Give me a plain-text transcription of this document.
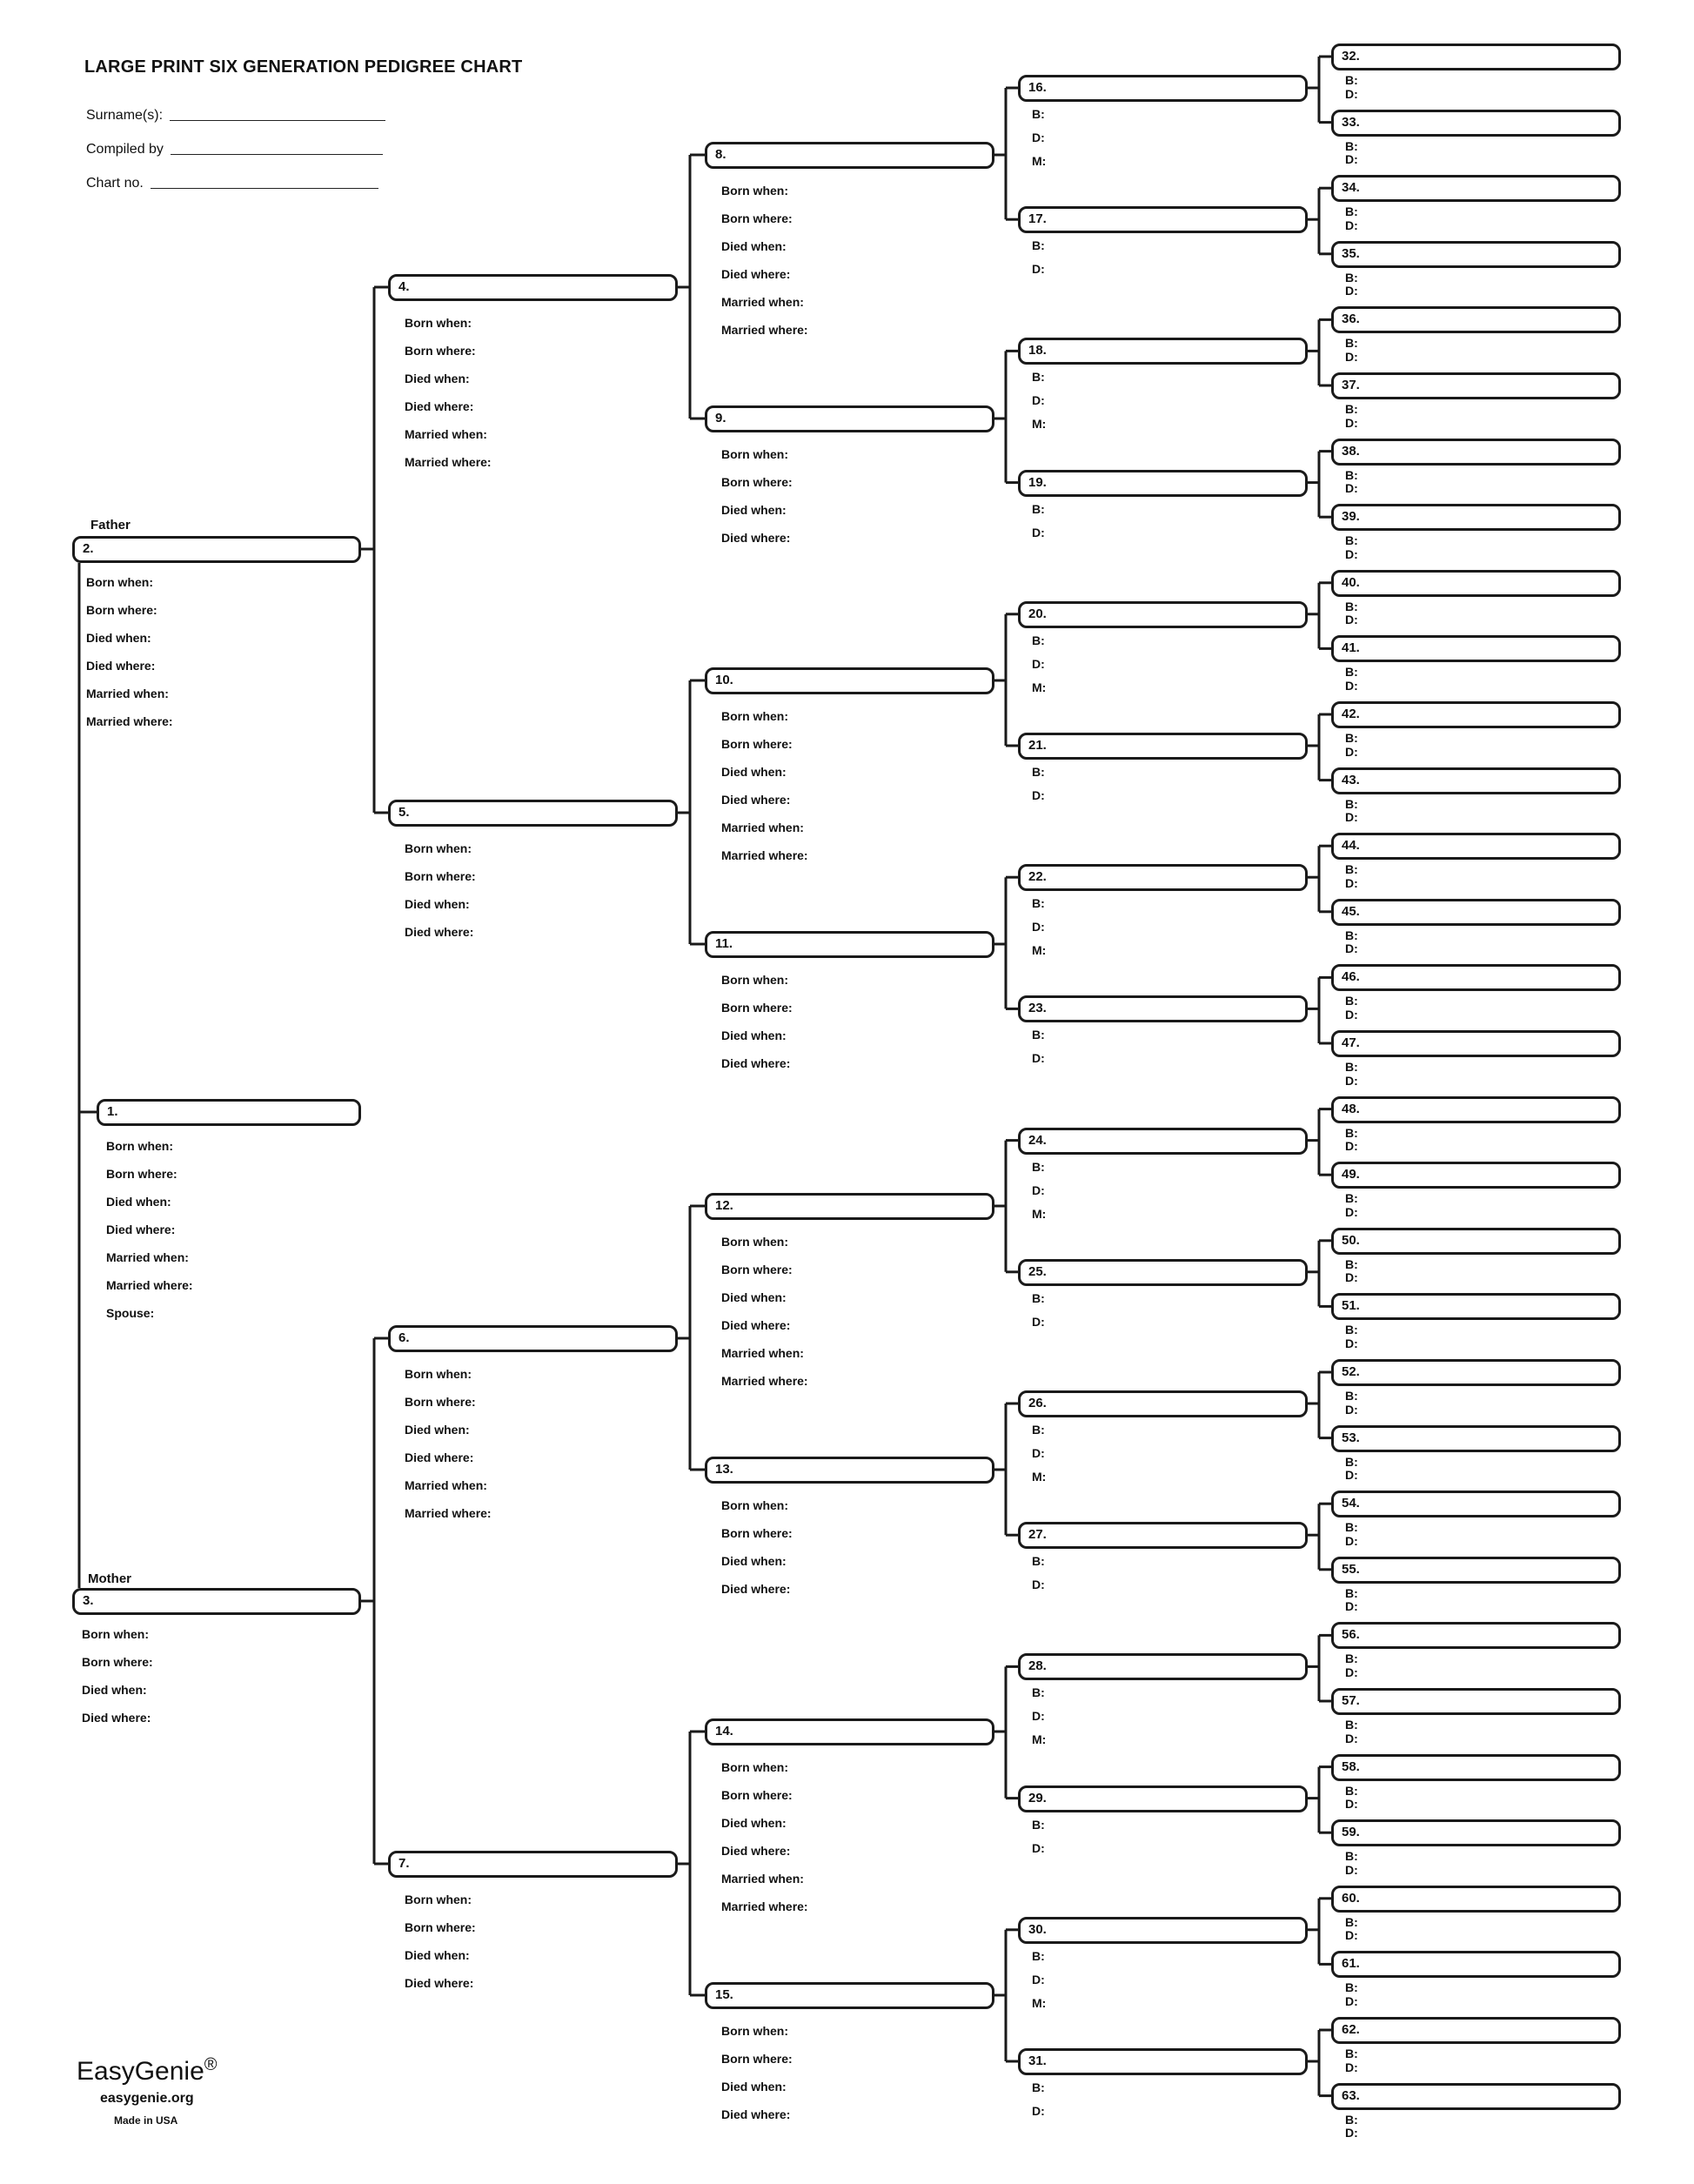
LARGE PRINT SIX GENERATION PEDIGREE CHART
Surname(s):
Compiled by
Chart no.
Father
Mother
1.
2.
3.
4.
5.
6.
7.
8.
9.
10.
11.
12.
13.
14.
15.
16.
17.
18.
19.
20.
21.
22.
23.
24.
25.
26.
27.
28.
29.
30.
31.
32.
33.
34.
35.
36.
37.
38.
39.
40.
41.
42.
43.
44.
45.
46.
47.
48.
49.
50.
51.
52.
53.
54.
55.
56.
57.
58.
59.
60.
61.
62.
63.
Born when:
Born where:
Died when:
Died where:
Married when:
Married where:
Spouse:
Born when:
Born where:
Died when:
Died where:
Married when:
Married where:
Born when:
Born where:
Died when:
Died where:
Born when:
Born where:
Died when:
Died where:
Married when:
Married where:
Born when:
Born where:
Died when:
Died where:
Born when:
Born where:
Died when:
Died where:
Married when:
Married where:
Born when:
Born where:
Died when:
Died where:
Born when:
Born where:
Died when:
Died where:
Married when:
Married where:
Born when:
Born where:
Died when:
Died where:
Born when:
Born where:
Died when:
Died where:
Married when:
Married where:
Born when:
Born where:
Died when:
Died where:
Born when:
Born where:
Died when:
Died where:
Married when:
Married where:
Born when:
Born where:
Died when:
Died where:
Born when:
Born where:
Died when:
Died where:
Married when:
Married where:
Born when:
Born where:
Died when:
Died where:
B:
D:
M:
B:
D:
B:
D:
M:
B:
D:
B:
D:
M:
B:
D:
B:
D:
M:
B:
D:
B:
D:
M:
B:
D:
B:
D:
M:
B:
D:
B:
D:
M:
B:
D:
B:
D:
M:
B:
D:
B:
D:
B:
D:
B:
D:
B:
D:
B:
D:
B:
D:
B:
D:
B:
D:
B:
D:
B:
D:
B:
D:
B:
D:
B:
D:
B:
D:
B:
D:
B:
D:
B:
D:
B:
D:
B:
D:
B:
D:
B:
D:
B:
D:
B:
D:
B:
D:
B:
D:
B:
D:
B:
D:
B:
D:
B:
D:
B:
D:
B:
D:
B:
D:
EasyGenie®
easygenie.org
Made in USA
